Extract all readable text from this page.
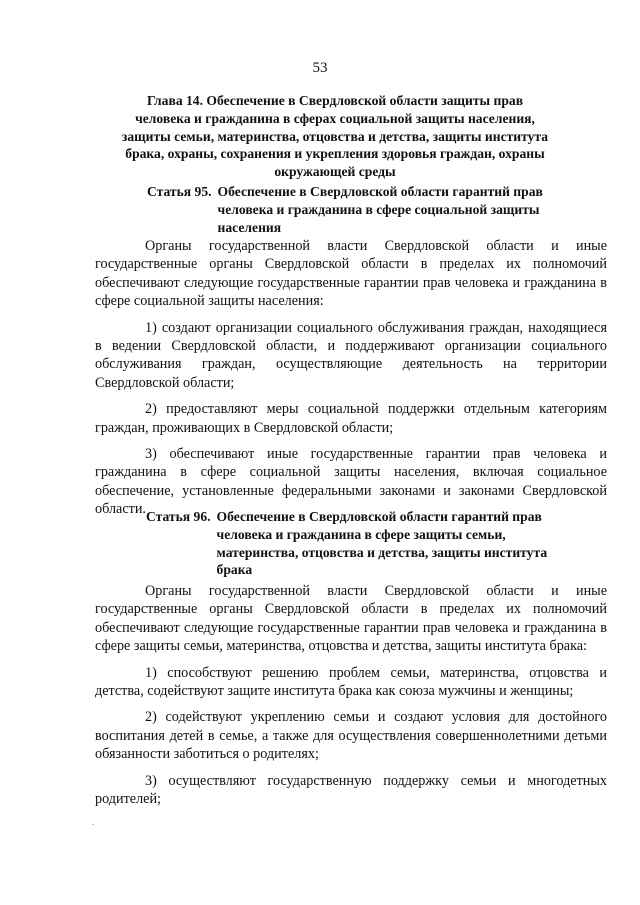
53
Глава 14. Обеспечение в Свердловской области защиты прав человека и гражданина в сферах социальной защиты населения, защиты семьи, материнства, отцовства и детства, защиты института брака, охраны, сохранения и укрепления здоровья граждан, охраны окружающей среды
Статья 95. Обеспечение в Свердловской области гарантий прав человека и гражданина в сфере социальной защиты населения

Органы государственной власти Свердловской области и иные государственные органы Свердловской области в пределах их полномочий обеспечивают следующие государственные гарантии прав человека и гражданина в сфере социальной защиты населения:

1) создают организации социального обслуживания граждан, находящиеся в ведении Свердловской области, и поддерживают организации социального обслуживания граждан, осуществляющие деятельность на территории Свердловской области;

2) предоставляют меры социальной поддержки отдельным категориям граждан, проживающих в Свердловской области;

3) обеспечивают иные государственные гарантии прав человека и гражданина в сфере социальной защиты населения, включая социальное обеспечение, установленные федеральными законами и законами Свердловской области. Статья 96. Обеспечение в Свердловской области гарантий прав человека и гражданина в сфере защиты семьи, материнства, отцовства и детства, защиты института брака

Органы государственной власти Свердловской области и иные государственные органы Свердловской области в пределах их полномочий обеспечивают следующие государственные гарантии прав человека и гражданина в сфере защиты семьи, материнства, отцовства и детства, защиты института брака:

1) способствуют решению проблем семьи, материнства, отцовства и детства, содействуют защите института брака как союза мужчины и женщины;

2) содействуют укреплению семьи и создают условия для достойного воспитания детей в семье, а также для осуществления совершеннолетними детьми обязанности заботиться о родителях;

3) осуществляют государственную поддержку семьи и многодетных родителей;

.
